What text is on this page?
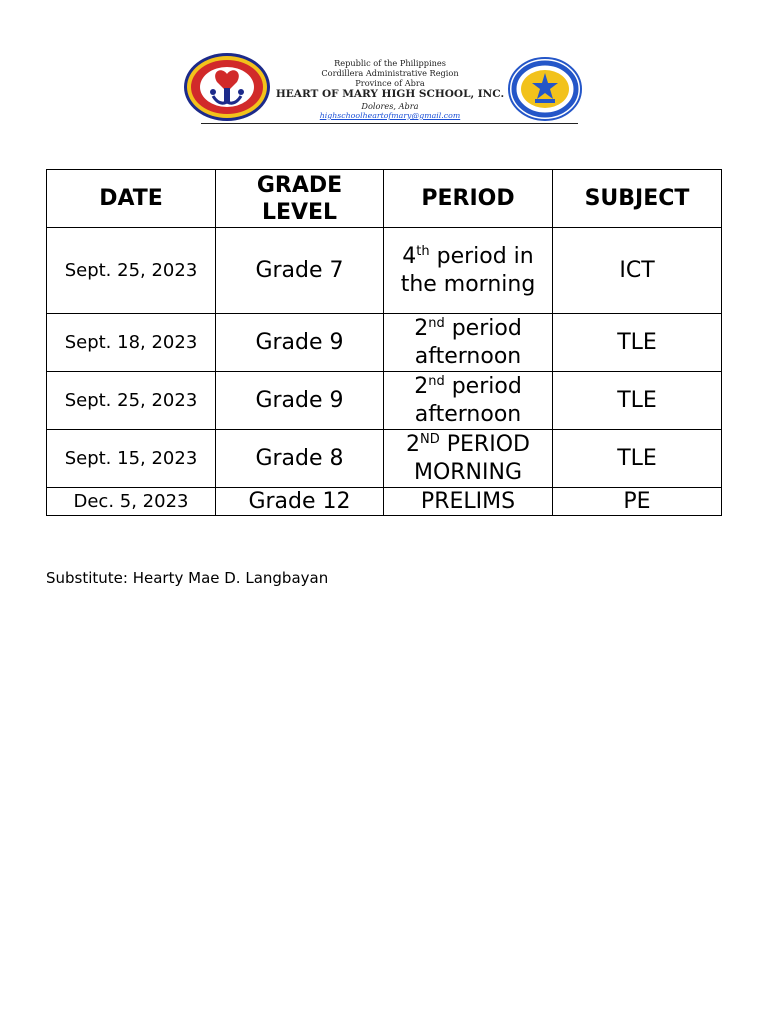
Republic of the Philippines
Cordillera Administrative Region
Province of Abra
HEART OF MARY HIGH SCHOOL, INC.
Dolores, Abra
highschoolheartofmary@gmail.com
DATE	GRADE LEVEL	PERIOD	SUBJECT
Sept. 25, 2023	Grade 7	4th period in the morning	ICT
Sept. 18, 2023	Grade 9	2nd period afternoon	TLE
Sept. 25, 2023	Grade 9	2nd period afternoon	TLE
Sept. 15, 2023	Grade 8	2ND PERIOD MORNING	TLE
Dec. 5, 2023	Grade 12	PRELIMS	PE
Substitute: Hearty Mae D. Langbayan
